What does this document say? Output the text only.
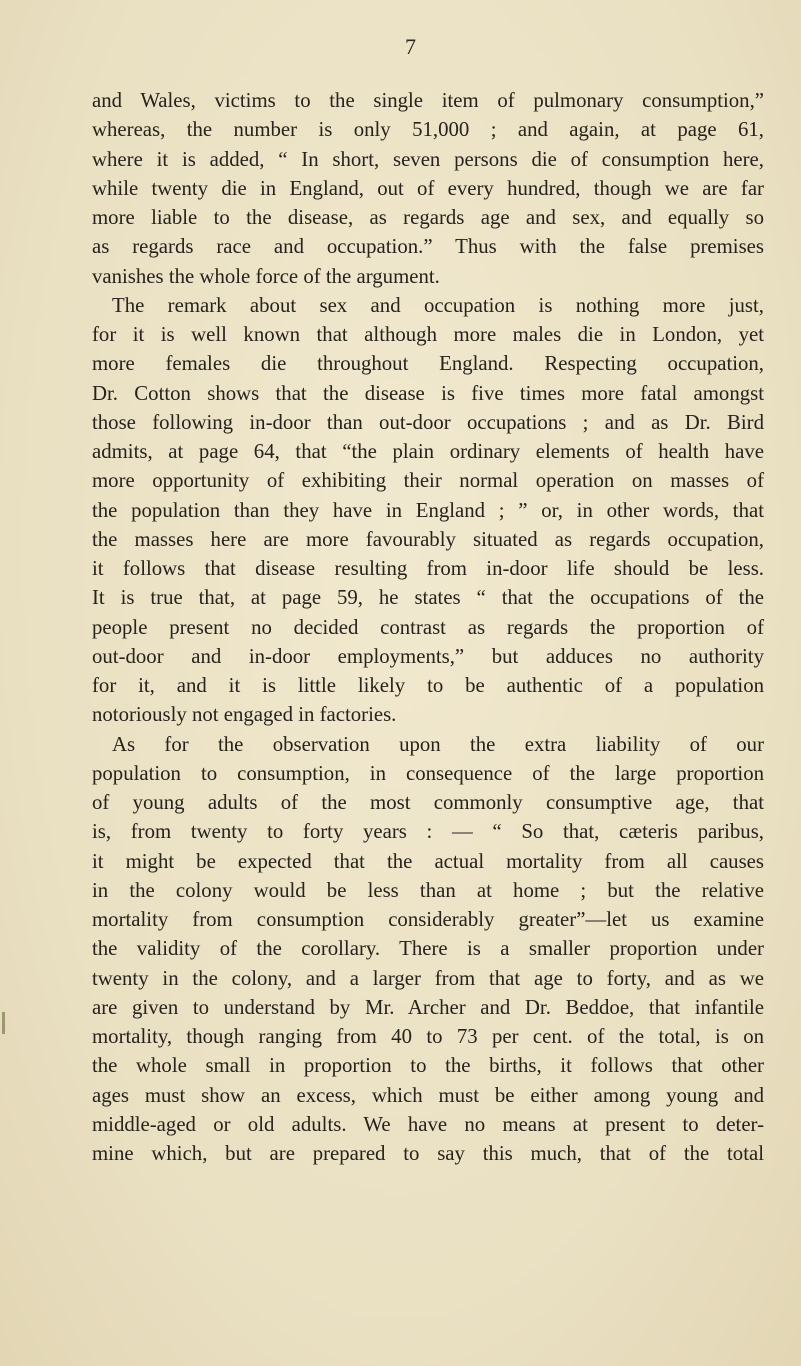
7
and Wales, victims to the single item of pulmonary consumption,”
whereas, the number is only 51,000 ; and again, at page 61,
where it is added, “ In short, seven persons die of consumption here,
while twenty die in England, out of every hundred, though we are far
more liable to the disease, as regards age and sex, and equally so
as regards race and occupation.” Thus with the false premises
vanishes the whole force of the argument.
The remark about sex and occupation is nothing more just,
for it is well known that although more males die in London, yet
more females die throughout England. Respecting occupation,
Dr. Cotton shows that the disease is five times more fatal amongst
those following in-door than out-door occupations ; and as Dr. Bird
admits, at page 64, that “the plain ordinary elements of health have
more opportunity of exhibiting their normal operation on masses of
the population than they have in England ; ” or, in other words, that
the masses here are more favourably situated as regards occupation,
it follows that disease resulting from in-door life should be less.
It is true that, at page 59, he states “ that the occupations of the
people present no decided contrast as regards the proportion of
out-door and in-door employments,” but adduces no authority
for it, and it is little likely to be authentic of a population
notoriously not engaged in factories.
As for the observation upon the extra liability of our
population to consumption, in consequence of the large proportion
of young adults of the most commonly consumptive age, that
is, from twenty to forty years : — “ So that, cæteris paribus,
it might be expected that the actual mortality from all causes
in the colony would be less than at home ; but the relative
mortality from consumption considerably greater”—let us examine
the validity of the corollary. There is a smaller proportion under
twenty in the colony, and a larger from that age to forty, and as we
are given to understand by Mr. Archer and Dr. Beddoe, that infantile
mortality, though ranging from 40 to 73 per cent. of the total, is on
the whole small in proportion to the births, it follows that other
ages must show an excess, which must be either among young and
middle-aged or old adults. We have no means at present to deter-
mine which, but are prepared to say this much, that of the total
